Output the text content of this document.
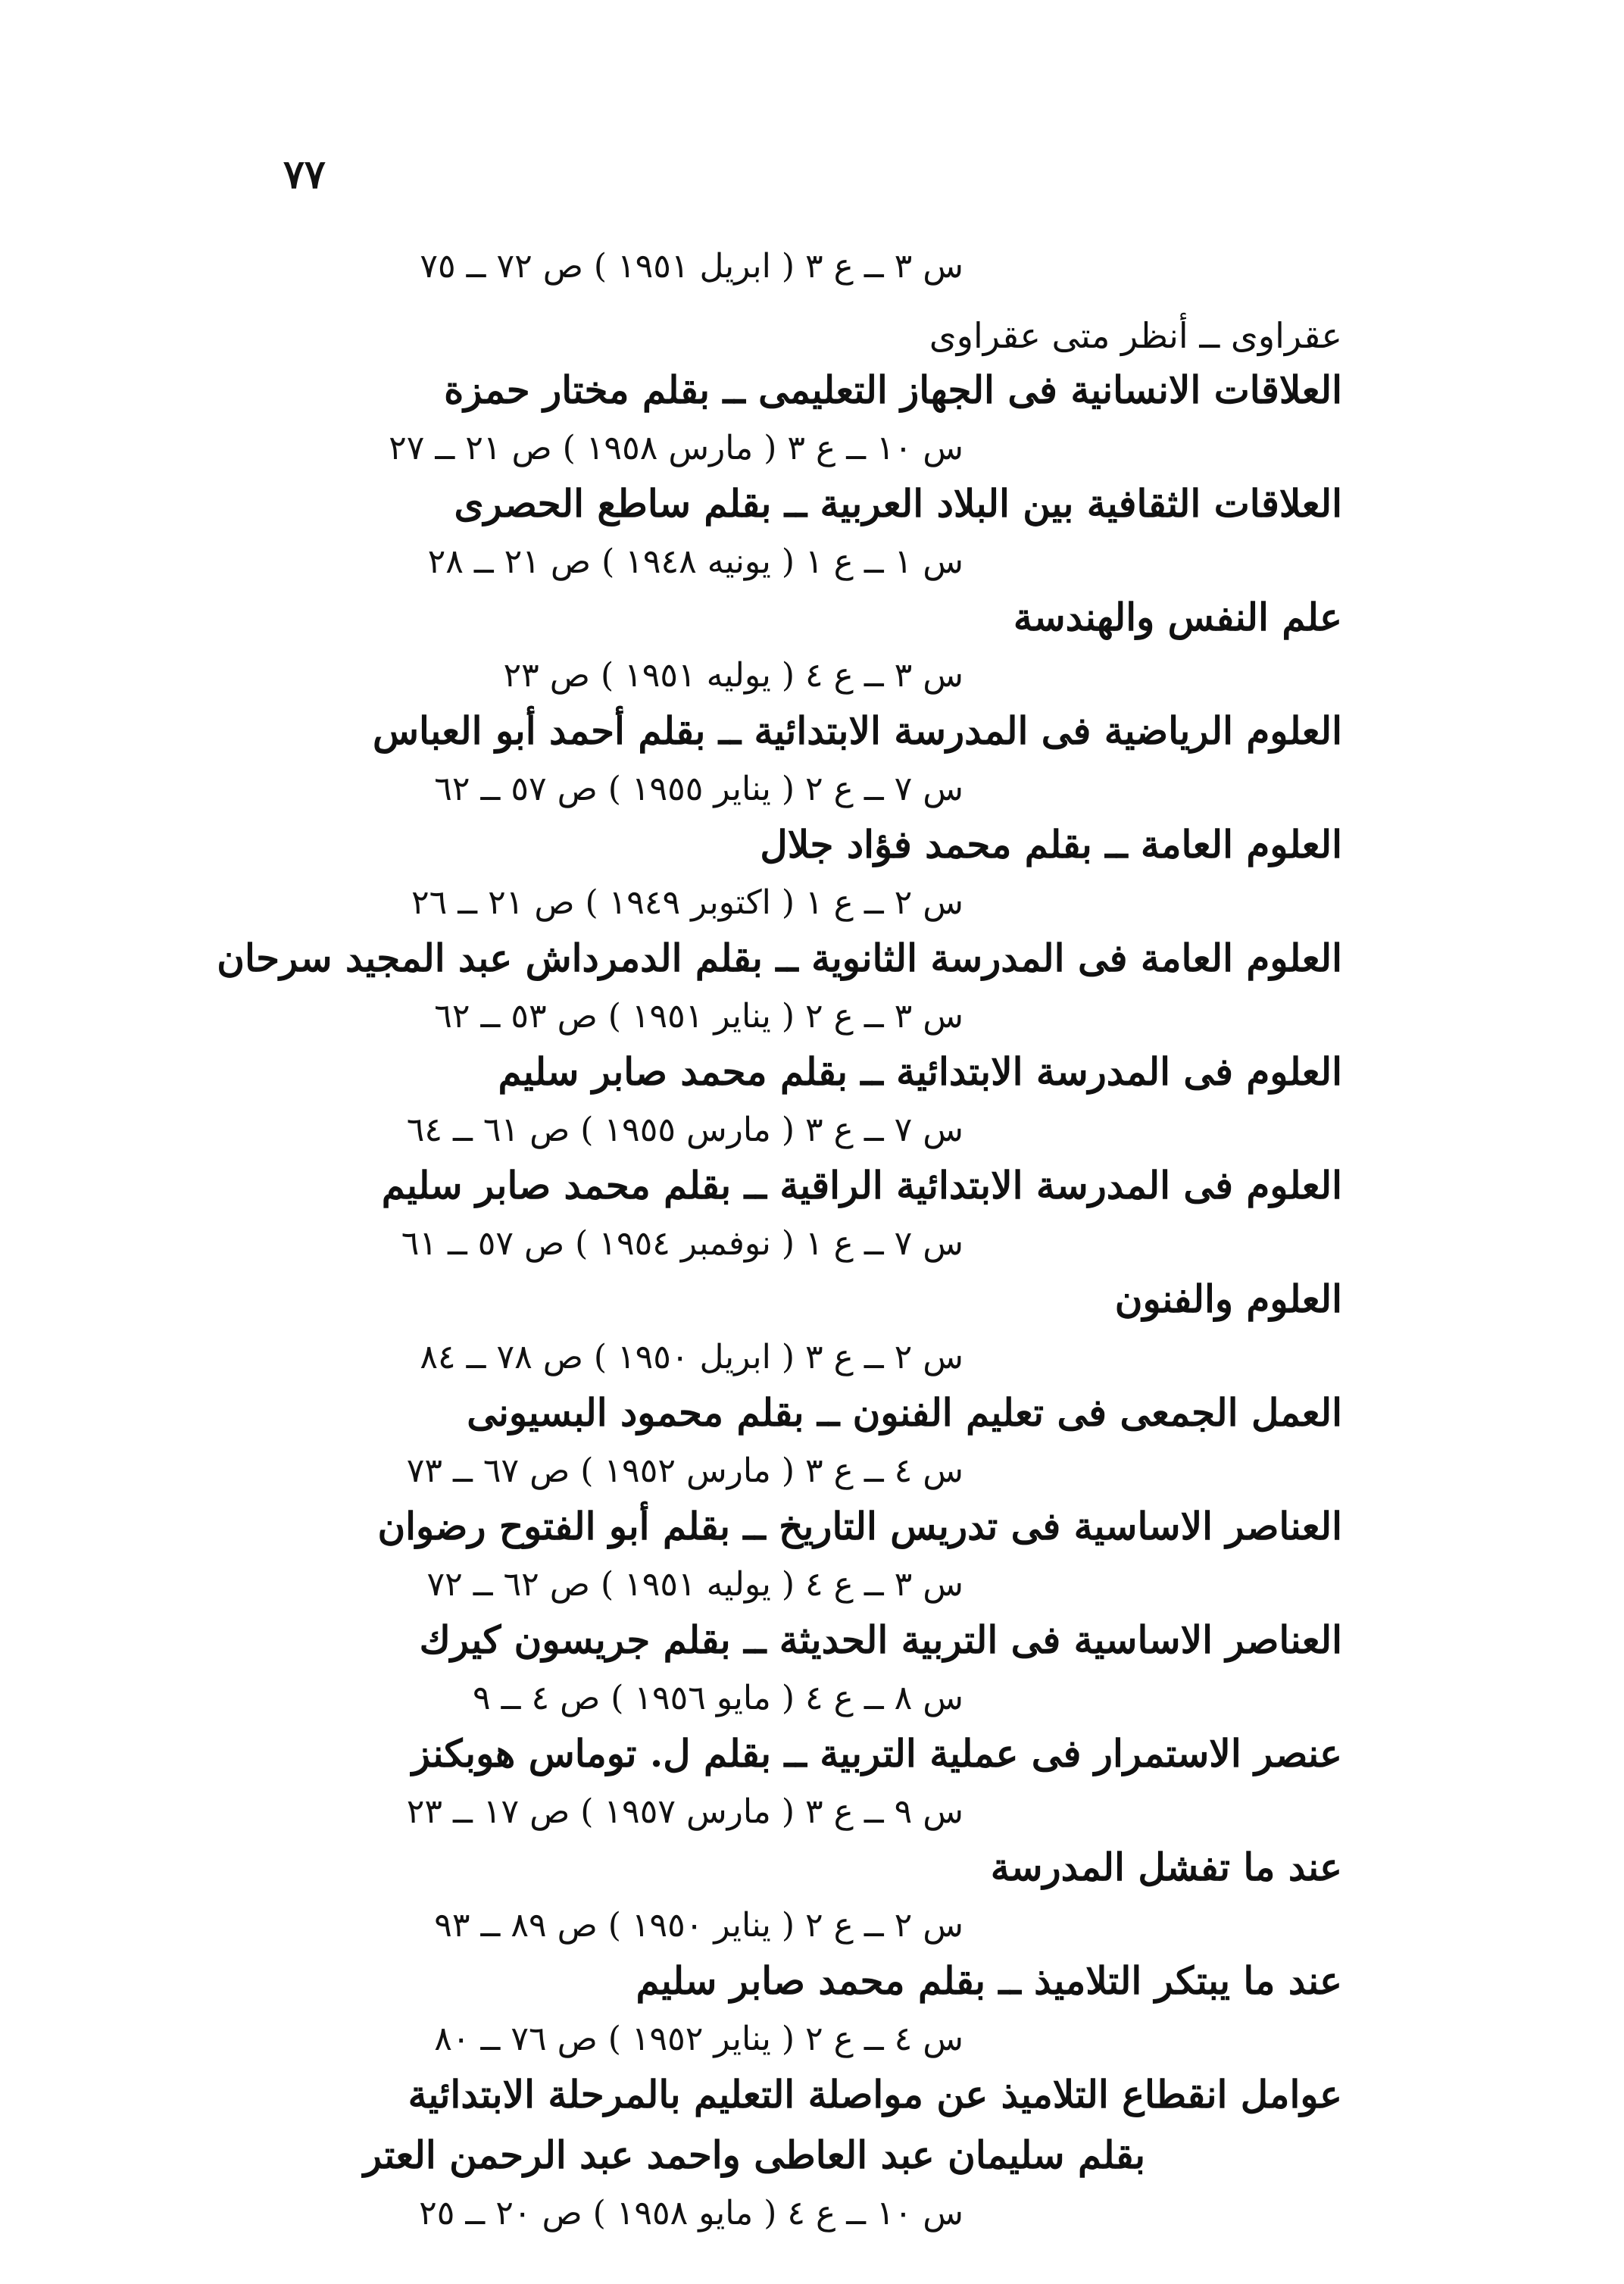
٧٧
س ٣ ــ ع ٣ ( ابريل ١٩٥١ ) ص ٧٢ ــ ٧٥
عقراوى ــ أنظر متى عقراوى
العلاقات الانسانية فى الجهاز التعليمى ــ بقلم مختار حمزة
س ١٠ ــ ع ٣ ( مارس ١٩٥٨ ) ص ٢١ ــ ٢٧
العلاقات الثقافية بين البلاد العربية ــ بقلم ساطع الحصرى
س ١ ــ ع ١ ( يونيه ١٩٤٨ ) ص ٢١ ــ ٢٨
علم النفس والهندسة
س ٣ ــ ع ٤ ( يوليه ١٩٥١ ) ص ٢٣
العلوم الرياضية فى المدرسة الابتدائية ــ بقلم أحمد أبو العباس
س ٧ ــ ع ٢ ( يناير ١٩٥٥ ) ص ٥٧ ــ ٦٢
العلوم العامة ــ بقلم محمد فؤاد جلال
س ٢ ــ ع ١ ( اكتوبر ١٩٤٩ ) ص ٢١ ــ ٢٦
العلوم العامة فى المدرسة الثانوية ــ بقلم الدمرداش عبد المجيد سرحان
س ٣ ــ ع ٢ ( يناير ١٩٥١ ) ص ٥٣ ــ ٦٢
العلوم فى المدرسة الابتدائية ــ بقلم محمد صابر سليم
س ٧ ــ ع ٣ ( مارس ١٩٥٥ ) ص ٦١ ــ ٦٤
العلوم فى المدرسة الابتدائية الراقية ــ بقلم محمد صابر سليم
س ٧ ــ ع ١ ( نوفمبر ١٩٥٤ ) ص ٥٧ ــ ٦١
العلوم والفنون
س ٢ ــ ع ٣ ( ابريل ١٩٥٠ ) ص ٧٨ ــ ٨٤
العمل الجمعى فى تعليم الفنون ــ بقلم محمود البسيونى
س ٤ ــ ع ٣ ( مارس ١٩٥٢ ) ص ٦٧ ــ ٧٣
العناصر الاساسية فى تدريس التاريخ ــ بقلم أبو الفتوح رضوان
س ٣ ــ ع ٤ ( يوليه ١٩٥١ ) ص ٦٢ ــ ٧٢
العناصر الاساسية فى التربية الحديثة ــ بقلم جريسون كيرك
س ٨ ــ ع ٤ ( مايو ١٩٥٦ ) ص ٤ ــ ٩
عنصر الاستمرار فى عملية التربية ــ بقلم ل. توماس هوبكنز
س ٩ ــ ع ٣ ( مارس ١٩٥٧ ) ص ١٧ ــ ٢٣
عند ما تفشل المدرسة
س ٢ ــ ع ٢ ( يناير ١٩٥٠ ) ص ٨٩ ــ ٩٣
عند ما يبتكر التلاميذ ــ بقلم محمد صابر سليم
س ٤ ــ ع ٢ ( يناير ١٩٥٢ ) ص ٧٦ ــ ٨٠
عوامل انقطاع التلاميذ عن مواصلة التعليم بالمرحلة الابتدائية
بقلم سليمان عبد العاطى واحمد عبد الرحمن العتر
س ١٠ ــ ع ٤ ( مايو ١٩٥٨ ) ص ٢٠ ــ ٢٥
